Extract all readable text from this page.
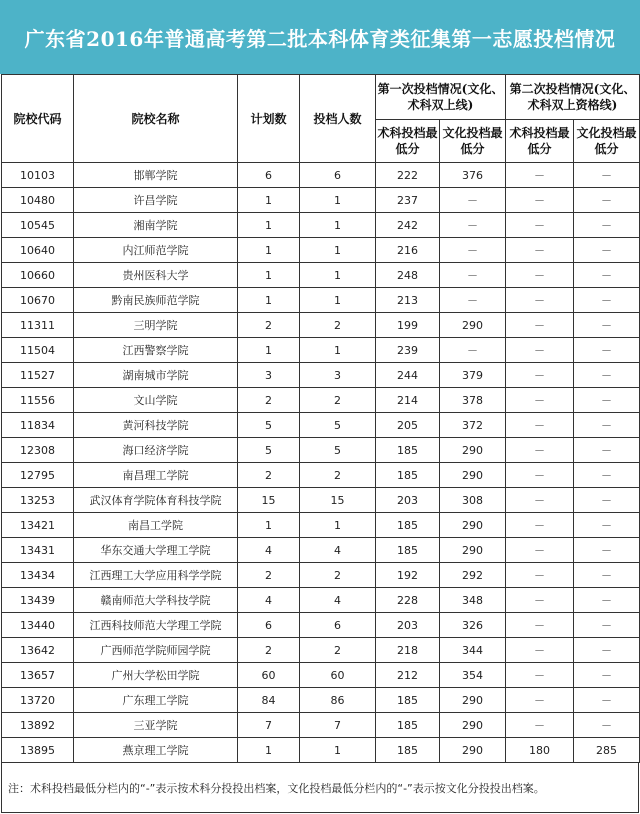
广东省2016年普通高考第二批本科体育类征集第一志愿投档情况
院校代码	院校名称	计划数	投档人数	第一次投档情况(文化、术科双上线)		第二次投档情况(文化、术科双上资格线)	
				术科投档最低分	文化投档最低分	术科投档最低分	文化投档最低分
10103	邯郸学院	6	6	222	376	－	－
10480	许昌学院	1	1	237	－	－	－
10545	湘南学院	1	1	242	－	－	－
10640	内江师范学院	1	1	216	－	－	－
10660	贵州医科大学	1	1	248	－	－	－
10670	黔南民族师范学院	1	1	213	－	－	－
11311	三明学院	2	2	199	290	－	－
11504	江西警察学院	1	1	239	－	－	－
11527	湖南城市学院	3	3	244	379	－	－
11556	文山学院	2	2	214	378	－	－
11834	黄河科技学院	5	5	205	372	－	－
12308	海口经济学院	5	5	185	290	－	－
12795	南昌理工学院	2	2	185	290	－	－
13253	武汉体育学院体育科技学院	15	15	203	308	－	－
13421	南昌工学院	1	1	185	290	－	－
13431	华东交通大学理工学院	4	4	185	290	－	－
13434	江西理工大学应用科学学院	2	2	192	292	－	－
13439	赣南师范大学科技学院	4	4	228	348	－	－
13440	江西科技师范大学理工学院	6	6	203	326	－	－
13642	广西师范学院师园学院	2	2	218	344	－	－
13657	广州大学松田学院	60	60	212	354	－	－
13720	广东理工学院	84	86	185	290	－	－
13892	三亚学院	7	7	185	290	－	－
13895	燕京理工学院	1	1	185	290	180	285
注：术科投档最低分栏内的“-”表示按术科分投投出档案，文化投档最低分栏内的“-”表示按文化分投投出档案。
